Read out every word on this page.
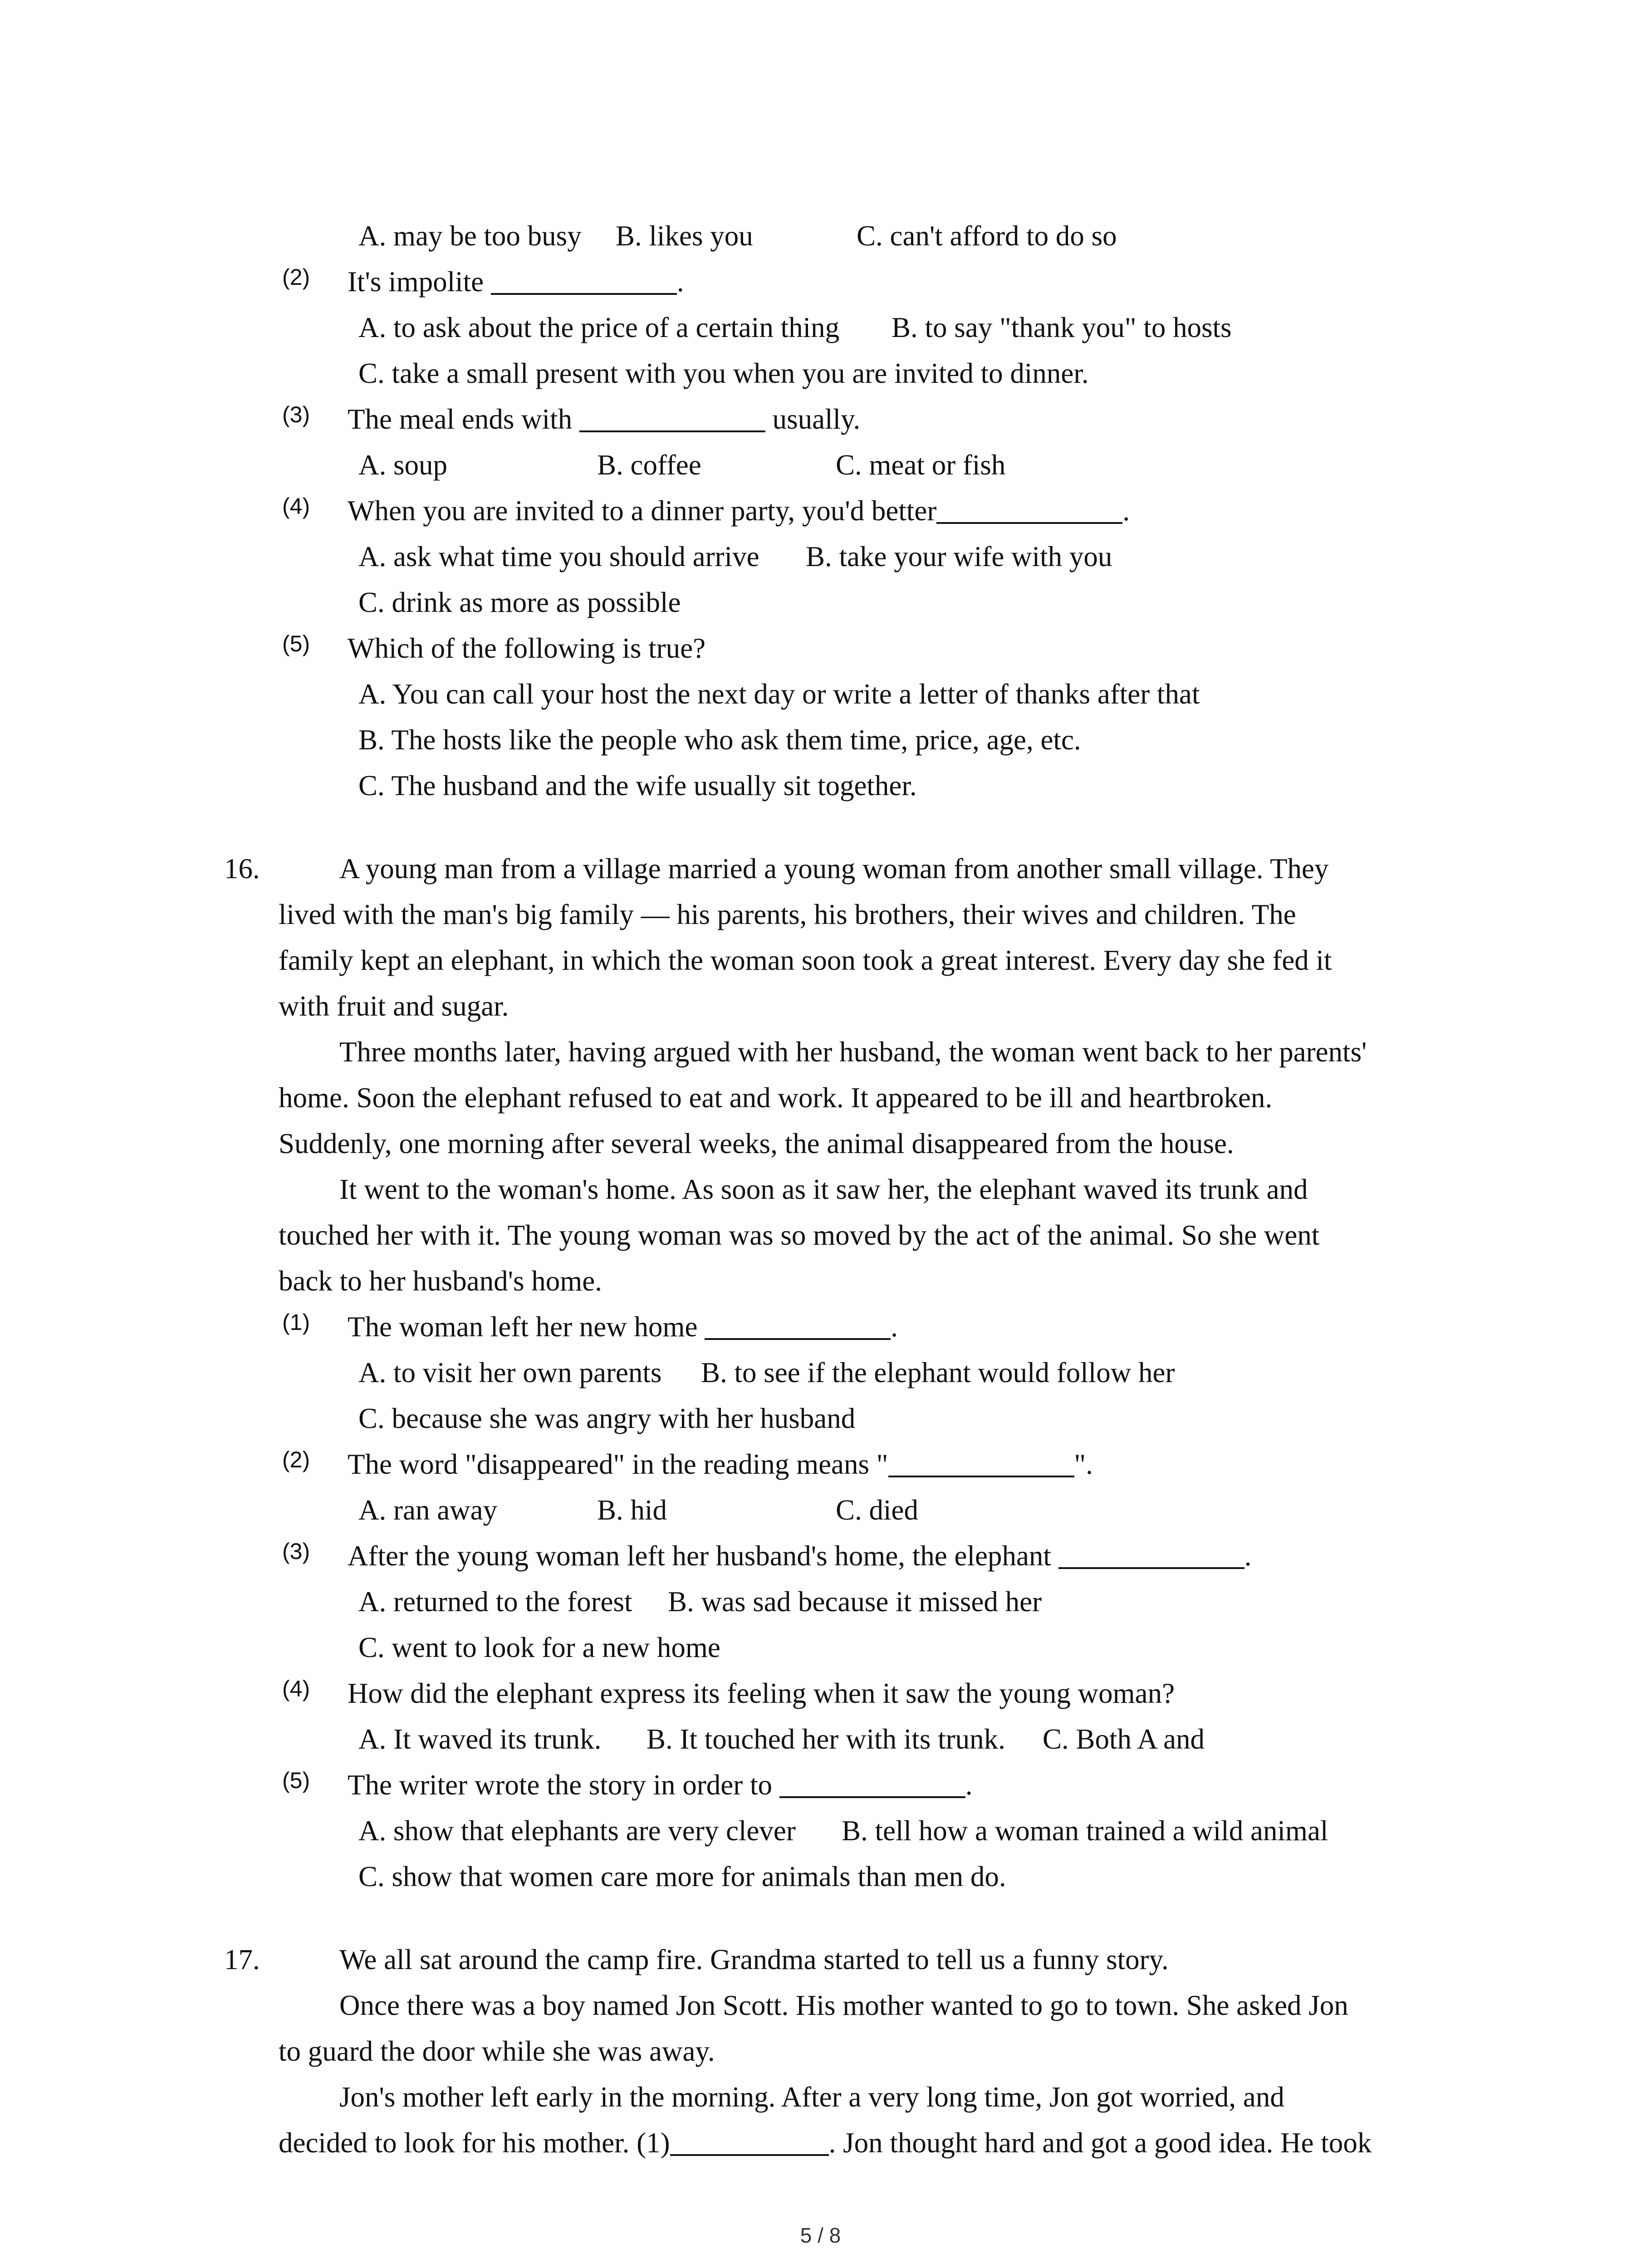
A. may be too busy B. likes you	C. can't afford to do so
(2) It's impolite	.
A. to ask about the price of a certain thing B. to say "thank you" to hosts
C. take a small present with you when you are invited to dinner.
(3) The meal ends with	usually.
A. soup	B. coffee	C. meat or fish
(4) When you are invited to a dinner party, you'd better	.
A. ask what time you should arrive B. take your wife with you
C. drink as more as possible
(5) Which of the following is true?
A. You can call your host the next day or write a letter of thanks after that
B. The hosts like the people who ask them time, price, age, etc.
C. The husband and the wife usually sit together.
16.	A young man from a village married a young woman from another small village. They
lived with the man's big family — his parents, his brothers, their wives and children. The
family kept an elephant, in which the woman soon took a great interest. Every day she fed it
with fruit and sugar.
Three months later, having argued with her husband, the woman went back to her parents'
home. Soon the elephant refused to eat and work. It appeared to be ill and heartbroken.
Suddenly, one morning after several weeks, the animal disappeared from the house.
It went to the woman's home. As soon as it saw her, the elephant waved its trunk and
touched her with it. The young woman was so moved by the act of the animal. So she went
back to her husband's home.
(1) The woman left her new home	.
A. to visit her own parents B. to see if the elephant would follow her
C. because she was angry with her husband
(2) The word "disappeared" in the reading means "	".
A. ran away	B. hid	C. died
(3) After the young woman left her husband's home, the elephant	.
A. returned to the forest B. was sad because it missed her
C. went to look for a new home
(4) How did the elephant express its feeling when it saw the young woman?
A. It waved its trunk. B. It touched her with its trunk. C. Both A and
(5) The writer wrote the story in order to	.
A. show that elephants are very clever B. tell how a woman trained a wild animal
C. show that women care more for animals than men do.
17.	We all sat around the camp fire. Grandma started to tell us a funny story.
Once there was a boy named Jon Scott. His mother wanted to go to town. She asked Jon
to guard the door while she was away.
Jon's mother left early in the morning. After a very long time, Jon got worried, and
decided to look for his mother. (1)	. Jon thought hard and got a good idea. He took
5 / 8
